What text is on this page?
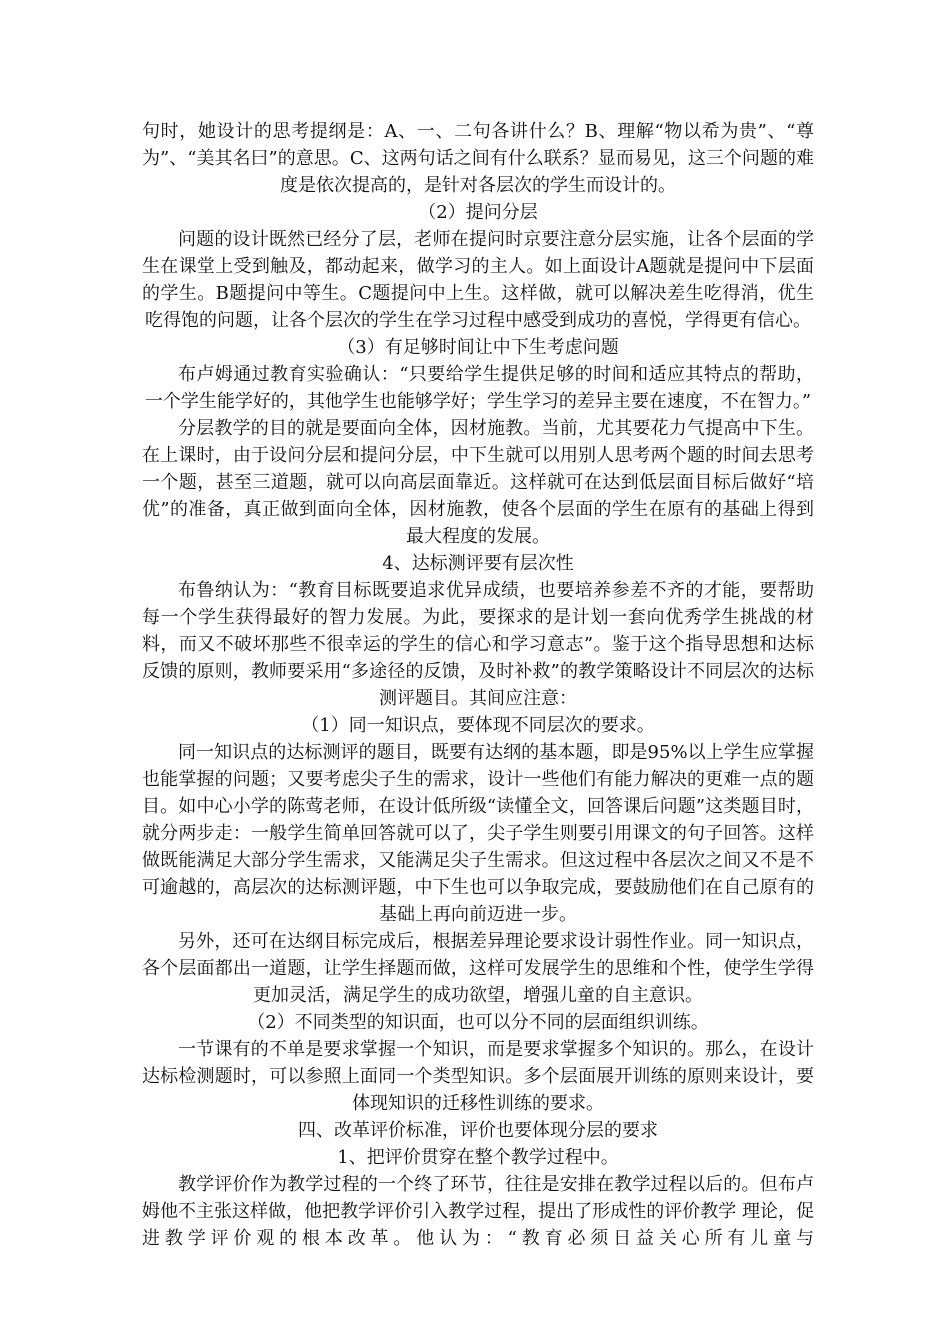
句时，她设计的思考提纲是：A、一、二句各讲什么？B、理解“物以希为贵”、“尊为”、“美其名曰”的意思。C、这两句话之间有什么联系？显而易见，这三个问题的难度是依次提高的，是针对各层次的学生而设计的。

（2）提问分层

问题的设计既然已经分了层，老师在提问时京要注意分层实施，让各个层面的学生在课堂上受到触及，都动起来，做学习的主人。如上面设计A题就是提问中下层面的学生。B题提问中等生。C题提问中上生。这样做，就可以解决差生吃得消，优生吃得饱的问题，让各个层次的学生在学习过程中感受到成功的喜悦，学得更有信心。

（3）有足够时间让中下生考虑问题

布卢姆通过教育实验确认：“只要给学生提供足够的时间和适应其特点的帮助，一个学生能学好的，其他学生也能够学好；学生学习的差异主要在速度，不在智力。”

分层教学的目的就是要面向全体，因材施教。当前，尤其要花力气提高中下生。在上课时，由于设问分层和提问分层，中下生就可以用别人思考两个题的时间去思考一个题，甚至三道题，就可以向高层面靠近。这样就可在达到低层面目标后做好“培优”的准备，真正做到面向全体，因材施教，使各个层面的学生在原有的基础上得到最大程度的发展。

4、达标测评要有层次性

布鲁纳认为：“教育目标既要追求优异成绩，也要培养参差不齐的才能，要帮助每一个学生获得最好的智力发展。为此，要探求的是计划一套向优秀学生挑战的材料，而又不破坏那些不很幸运的学生的信心和学习意志”。鉴于这个指导思想和达标反馈的原则，教师要采用“多途径的反馈，及时补救”的教学策略设计不同层次的达标测评题目。其间应注意：

（1）同一知识点，要体现不同层次的要求。

同一知识点的达标测评的题目，既要有达纲的基本题，即是95%以上学生应掌握也能掌握的问题；又要考虑尖子生的需求，设计一些他们有能力解决的更难一点的题目。如中心小学的陈莺老师，在设计低所级“读懂全文，回答课后问题”这类题目时，就分两步走：一般学生简单回答就可以了，尖子学生则要引用课文的句子回答。这样做既能满足大部分学生需求，又能满足尖子生需求。但这过程中各层次之间又不是不可逾越的，高层次的达标测评题，中下生也可以争取完成，要鼓励他们在自己原有的基础上再向前迈进一步。

另外，还可在达纲目标完成后，根据差异理论要求设计弱性作业。同一知识点，各个层面都出一道题，让学生择题而做，这样可发展学生的思维和个性，使学生学得更加灵活，满足学生的成功欲望，增强儿童的自主意识。

（2）不同类型的知识面，也可以分不同的层面组织训练。

一节课有的不单是要求掌握一个知识，而是要求掌握多个知识的。那么，在设计达标检测题时，可以参照上面同一个类型知识。多个层面展开训练的原则来设计，要体现知识的迁移性训练的要求。

四、改革评价标准，评价也要体现分层的要求

1、把评价贯穿在整个教学过程中。

教学评价作为教学过程的一个终了环节，往往是安排在教学过程以后的。但布卢姆他不主张这样做，他把教学评价引入教学过程，提出了形成性的评价教学 理论，促进教学评价观的根本改革。他认为：“教育必须日益关心所有儿童与
